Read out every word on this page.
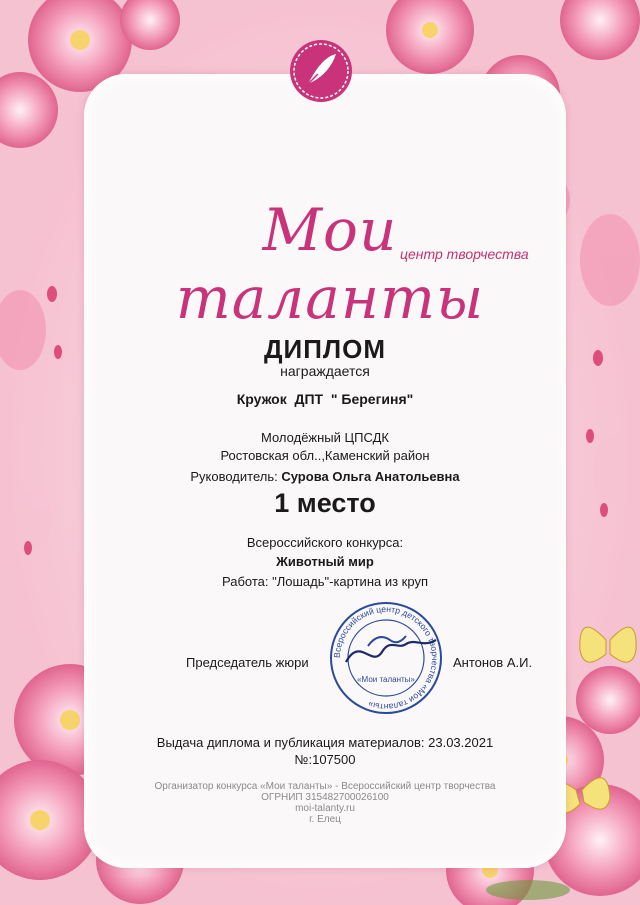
Мои таланты
центр творчества
ДИПЛОМ
награждается
Кружок  ДПТ  " Берегиня"
Молодёжный ЦПСДК
Ростовская обл..,Каменский район
Руководитель: Сурова Ольга Анатольевна
1 место
Всероссийского конкурса:
Животный мир
Работа: "Лошадь"-картина из круп
Председатель жюри	Антонов А.И.
Всероссийский центр детского творчества «Мои таланты»
«Мои таланты»
Выдача диплома и публикация материалов: 23.03.2021
№:107500
Организатор конкурса «Мои таланты» - Всероссийский центр творчества
ОГРНИП 315482700026100
moi-talanty.ru
г. Елец
